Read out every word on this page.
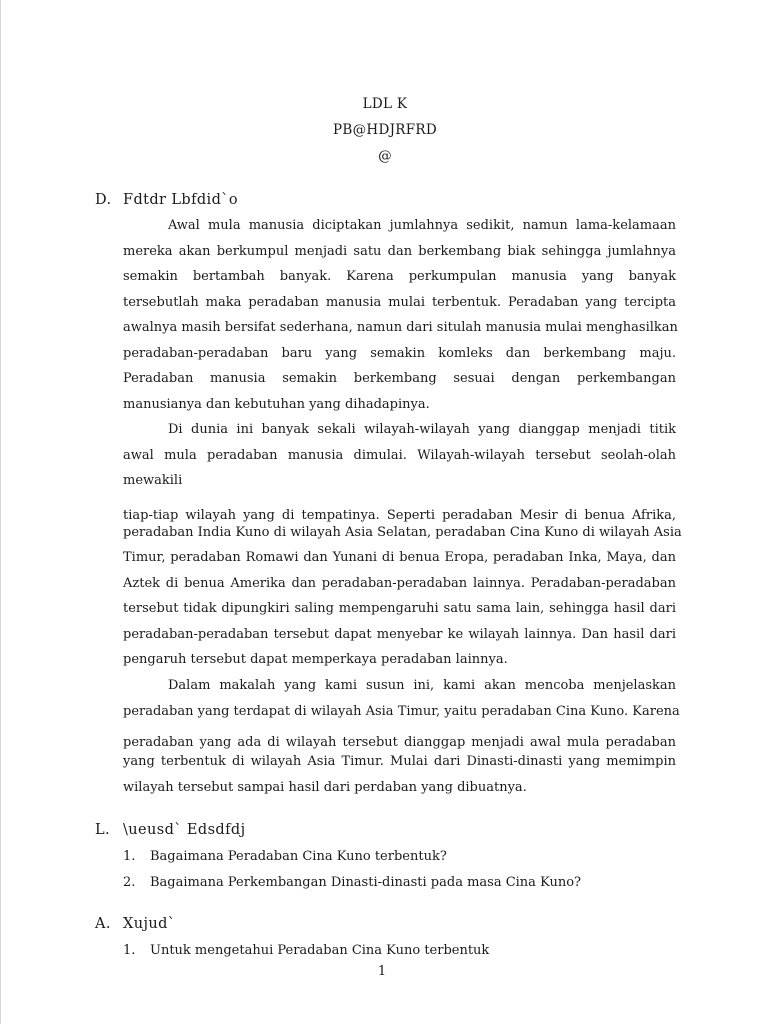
LDL K
PB@HDJRFRD
@
D. Fdtdr Lbfdid`o
Awal mula manusia diciptakan jumlahnya sedikit, namun lama-kelamaan
mereka akan berkumpul menjadi satu dan berkembang biak sehingga jumlahnya
semakin bertambah banyak. Karena perkumpulan manusia yang banyak
tersebutlah maka peradaban manusia mulai terbentuk. Peradaban yang tercipta
awalnya masih bersifat sederhana, namun dari situlah manusia mulai menghasilkan
peradaban-peradaban baru yang semakin komleks dan berkembang maju.
Peradaban manusia semakin berkembang sesuai dengan perkembangan
manusianya dan kebutuhan yang dihadapinya.
Di dunia ini banyak sekali wilayah-wilayah yang dianggap menjadi titik
awal mula peradaban manusia dimulai. Wilayah-wilayah tersebut seolah-olah
mewakili
tiap-tiap wilayah yang di tempatinya. Seperti peradaban Mesir di benua Afrika,
peradaban India Kuno di wilayah Asia Selatan, peradaban Cina Kuno di wilayah Asia
Timur, peradaban Romawi dan Yunani di benua Eropa, peradaban Inka, Maya, dan
Aztek di benua Amerika dan peradaban-peradaban lainnya. Peradaban-peradaban
tersebut tidak dipungkiri saling mempengaruhi satu sama lain, sehingga hasil dari
peradaban-peradaban tersebut dapat menyebar ke wilayah lainnya. Dan hasil dari
pengaruh tersebut dapat memperkaya peradaban lainnya.
Dalam makalah yang kami susun ini, kami akan mencoba menjelaskan
peradaban yang terdapat di wilayah Asia Timur, yaitu peradaban Cina Kuno. Karena
peradaban yang ada di wilayah tersebut dianggap menjadi awal mula peradaban
yang terbentuk di wilayah Asia Timur. Mulai dari Dinasti-dinasti yang memimpin
wilayah tersebut sampai hasil dari perdaban yang dibuatnya.
L. \ueusd` Edsdfdj
1. Bagaimana Peradaban Cina Kuno terbentuk?
2. Bagaimana Perkembangan Dinasti-dinasti pada masa Cina Kuno?
A. Xujud`
1. Untuk mengetahui Peradaban Cina Kuno terbentuk
1
